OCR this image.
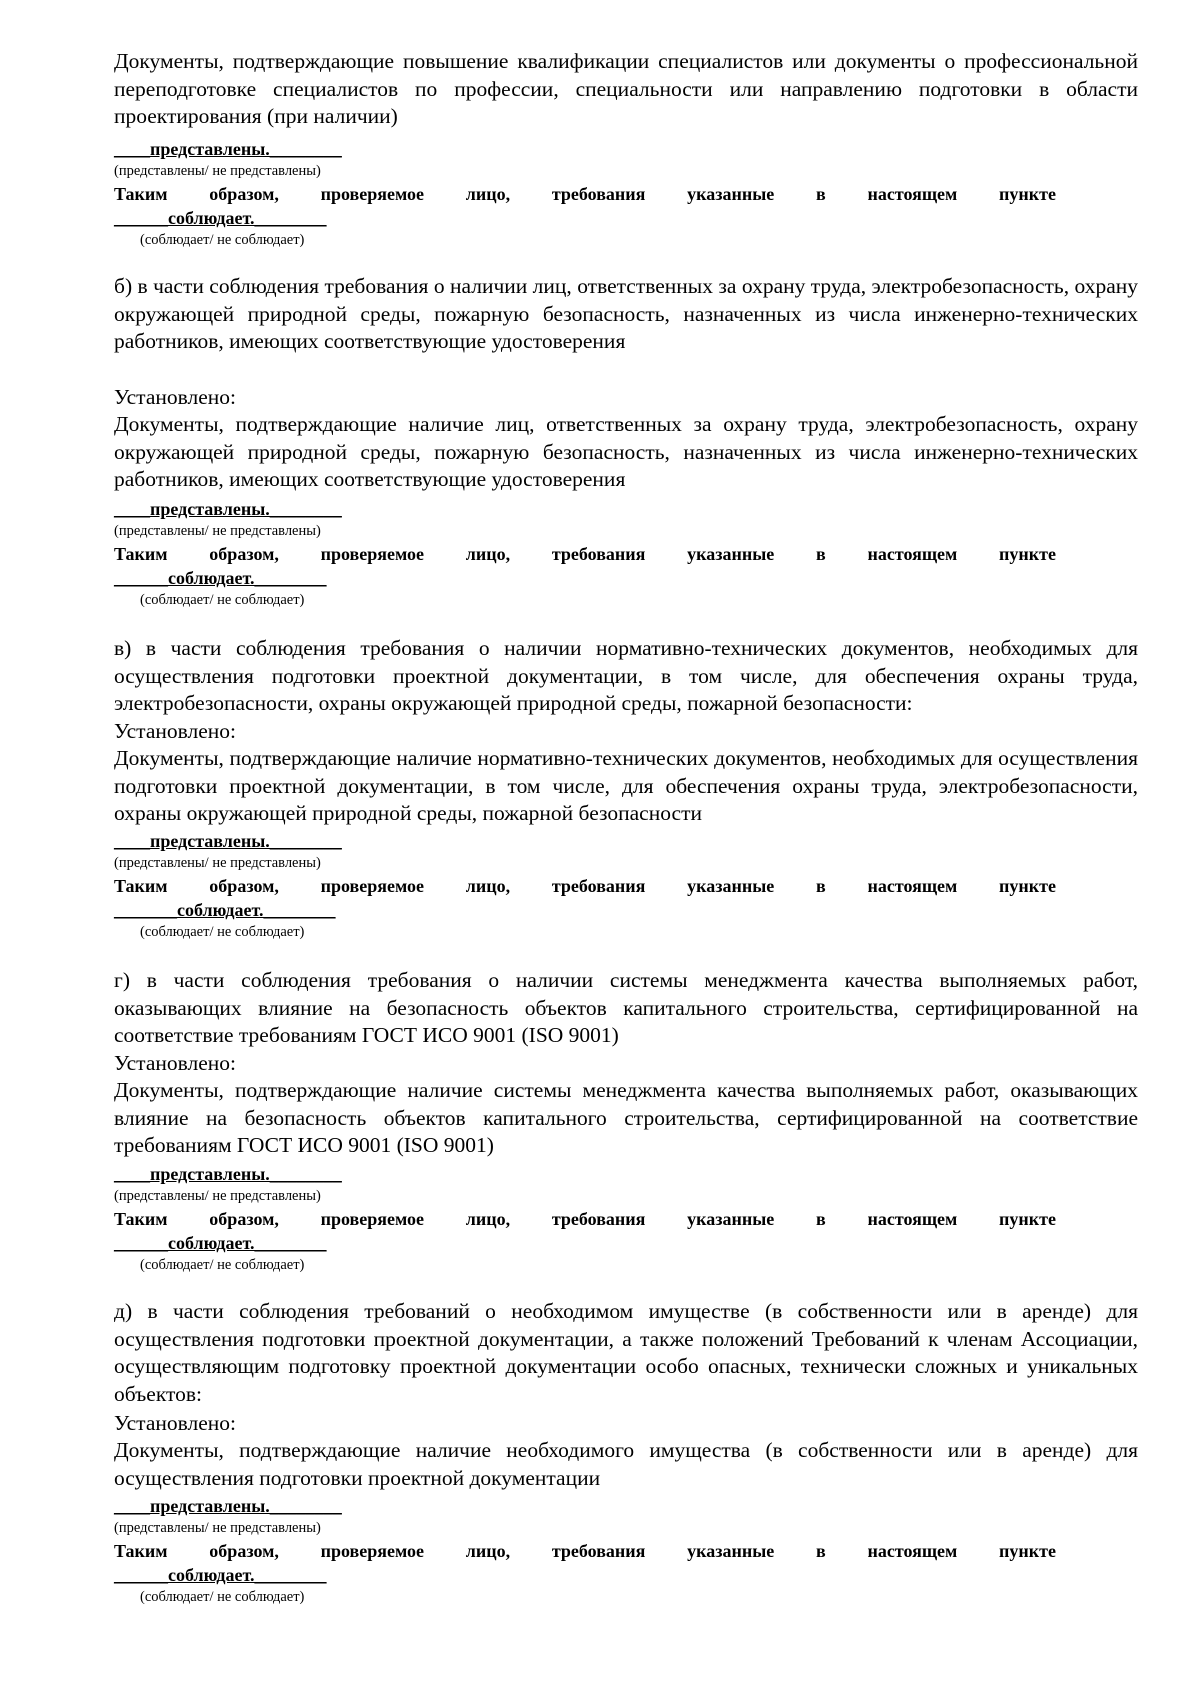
Документы, подтверждающие повышение квалификации специалистов или документы о профессиональной переподготовке специалистов по профессии, специальности или направлению подготовки в области проектирования (при наличии)
____представлены.________
(представлены/ не представлены)
Таким образом, проверяемое лицо, требования указанные в настоящем пункте
______соблюдает.________
(соблюдает/ не соблюдает)
б) в части соблюдения требования о наличии лиц, ответственных за охрану труда, электробезопасность, охрану окружающей природной среды, пожарную безопасность, назначенных из числа инженерно-технических работников, имеющих соответствующие удостоверения
Установлено:
Документы, подтверждающие наличие лиц, ответственных за охрану труда, электробезопасность, охрану окружающей природной среды, пожарную безопасность, назначенных из числа инженерно-технических работников, имеющих соответствующие удостоверения
____представлены.________
(представлены/ не представлены)
Таким образом, проверяемое лицо, требования указанные в настоящем пункте
______соблюдает.________
(соблюдает/ не соблюдает)
в) в части соблюдения требования о наличии нормативно-технических документов, необходимых для осуществления подготовки проектной документации, в том числе, для обеспечения охраны труда, электробезопасности, охраны окружающей природной среды, пожарной безопасности:
Установлено:
Документы, подтверждающие наличие нормативно-технических документов, необходимых для осуществления подготовки проектной документации, в том числе, для обеспечения охраны труда, электробезопасности, охраны окружающей природной среды, пожарной безопасности
____представлены.________
(представлены/ не представлены)
Таким образом, проверяемое лицо, требования указанные в настоящем пункте
_______соблюдает.________
(соблюдает/ не соблюдает)
г) в части соблюдения требования о наличии системы менеджмента качества выполняемых работ, оказывающих влияние на безопасность объектов капитального строительства, сертифицированной на соответствие требованиям ГОСТ ИСО 9001 (ISO 9001)
Установлено:
Документы, подтверждающие наличие системы менеджмента качества выполняемых работ, оказывающих влияние на безопасность объектов капитального строительства, сертифицированной на соответствие требованиям ГОСТ ИСО 9001 (ISO 9001)
____представлены.________
(представлены/ не представлены)
Таким образом, проверяемое лицо, требования указанные в настоящем пункте
______соблюдает.________
(соблюдает/ не соблюдает)
д) в части соблюдения требований о необходимом имуществе (в собственности или в аренде) для осуществления подготовки проектной документации, а также положений Требований к членам Ассоциации, осуществляющим подготовку проектной документации особо опасных, технически сложных и уникальных объектов:
Установлено:
Документы, подтверждающие наличие необходимого имущества (в собственности или в аренде) для осуществления подготовки проектной документации
____представлены.________
(представлены/ не представлены)
Таким образом, проверяемое лицо, требования указанные в настоящем пункте
______соблюдает.________
(соблюдает/ не соблюдает)
